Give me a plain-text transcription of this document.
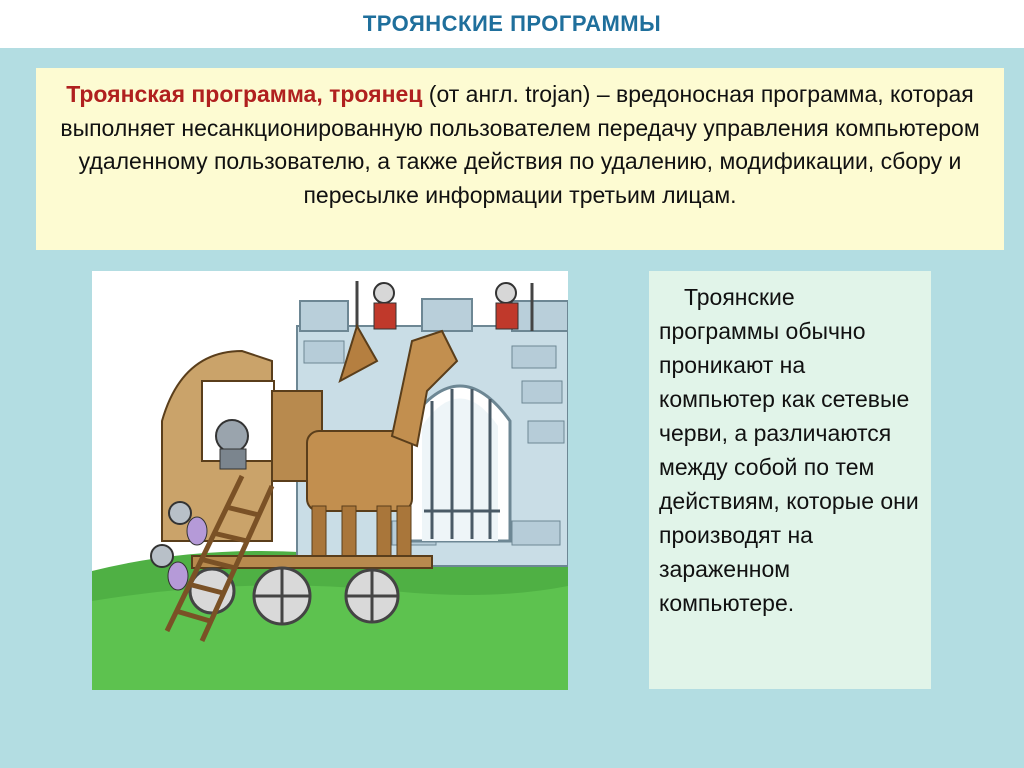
ТРОЯНСКИЕ ПРОГРАММЫ
Троянская программа, троянец (от англ. trojan) – вредоносная программа, которая выполняет несанкционированную пользователем передачу управления компьютером удаленному пользователю, а также действия по удалению, модификации, сбору и пересылке информации третьим лицам.

Троянские программы обычно проникают на компьютер как сетевые черви, а различаются между собой по тем действиям, которые они производят на зараженном компьютере.
